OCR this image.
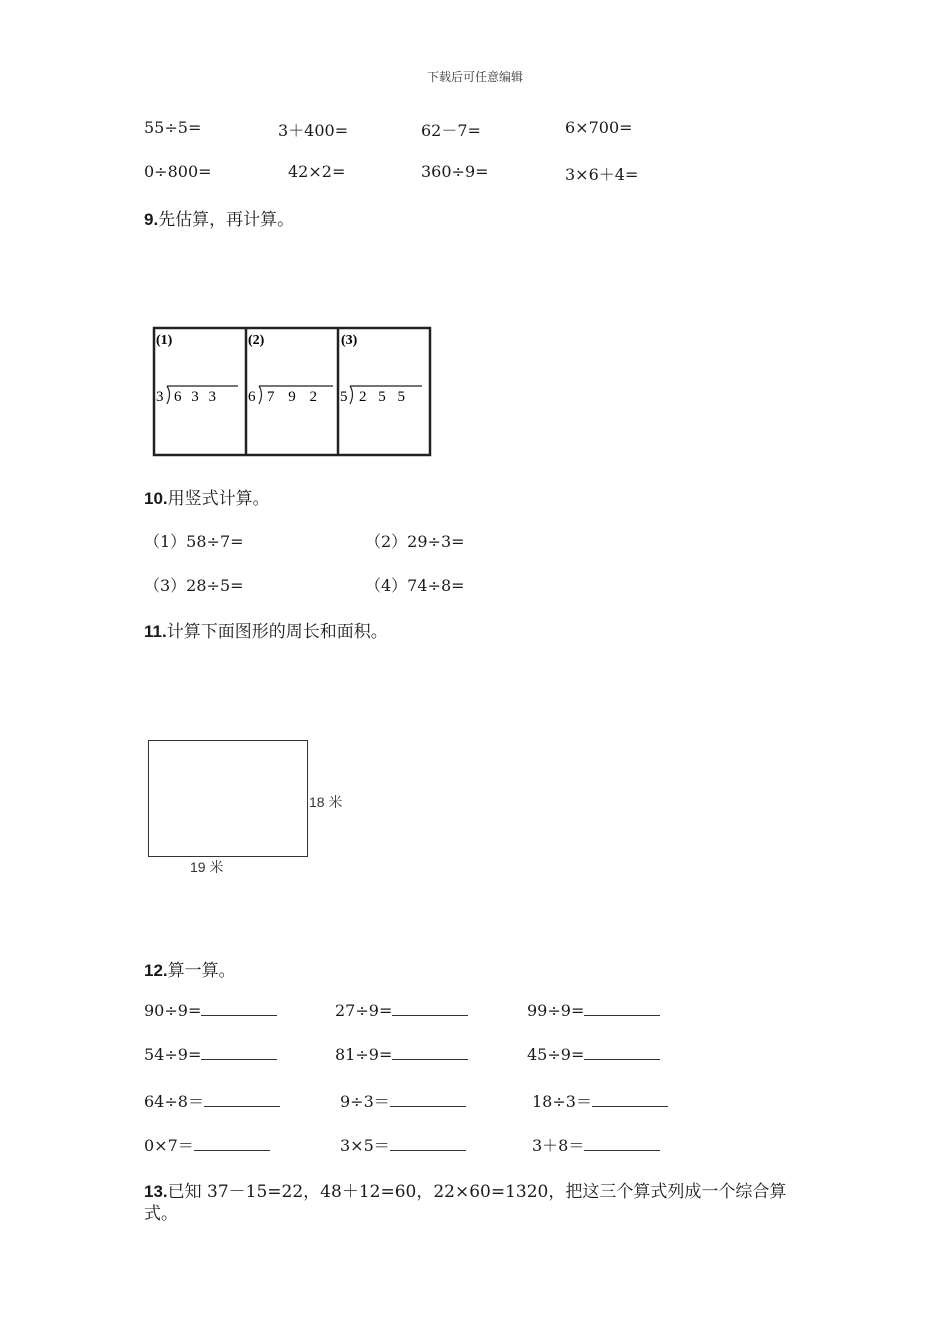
下载后可任意编辑
55÷5=	3＋400=	62－7=	6×700=
0÷800=	42×2=	360÷9=	3×6＋4=
9.先估算，再计算。
(1)
3 6 3 3
(2)
6 7 9 2
(3)
5 2 5 5
10.用竖式计算。
（1）58÷7=	（2）29÷3=
（3）28÷5=	（4）74÷8=
11.计算下面图形的周长和面积。
18 米
19 米
12.算一算。
90÷9=	27÷9=	99÷9=
54÷9=	81÷9=	45÷9=
64÷8＝	9÷3＝	18÷3＝
0×7＝	3×5＝	3＋8＝
13.已知 37－15=22，48＋12=60，22×60=1320，把这三个算式列成一个综合算
式。
